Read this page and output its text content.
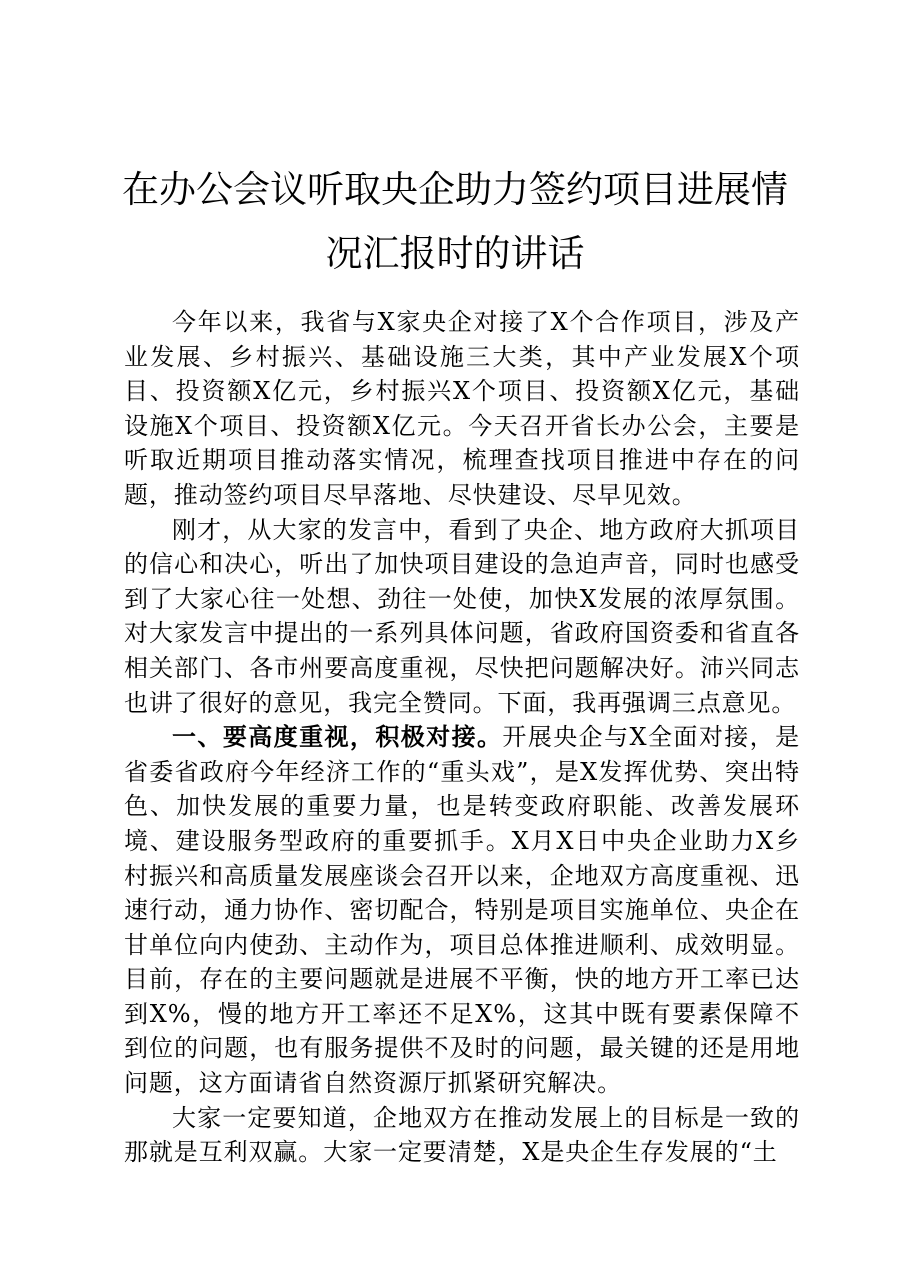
在办公会议听取央企助力签约项目进展情况汇报时的讲话

今年以来，我省与X家央企对接了X个合作项目，涉及产业发展、乡村振兴、基础设施三大类，其中产业发展X个项目、投资额X亿元，乡村振兴X个项目、投资额X亿元，基础设施X个项目、投资额X亿元。今天召开省长办公会，主要是听取近期项目推动落实情况，梳理查找项目推进中存在的问题，推动签约项目尽早落地、尽快建设、尽早见效。

刚才，从大家的发言中，看到了央企、地方政府大抓项目的信心和决心，听出了加快项目建设的急迫声音，同时也感受到了大家心往一处想、劲往一处使，加快X发展的浓厚氛围。对大家发言中提出的一系列具体问题，省政府国资委和省直各相关部门、各市州要高度重视，尽快把问题解决好。沛兴同志也讲了很好的意见，我完全赞同。下面，我再强调三点意见。

一、要高度重视，积极对接。开展央企与X全面对接，是省委省政府今年经济工作的“重头戏”，是X发挥优势、突出特色、加快发展的重要力量，也是转变政府职能、改善发展环境、建设服务型政府的重要抓手。X月X日中央企业助力X乡村振兴和高质量发展座谈会召开以来，企地双方高度重视、迅速行动，通力协作、密切配合，特别是项目实施单位、央企在甘单位向内使劲、主动作为，项目总体推进顺利、成效明显。目前，存在的主要问题就是进展不平衡，快的地方开工率已达到X%，慢的地方开工率还不足X%，这其中既有要素保障不到位的问题，也有服务提供不及时的问题，最关键的还是用地问题，这方面请省自然资源厅抓紧研究解决。

大家一定要知道，企地双方在推动发展上的目标是一致的那就是互利双赢。大家一定要清楚，X是央企生存发展的“土
